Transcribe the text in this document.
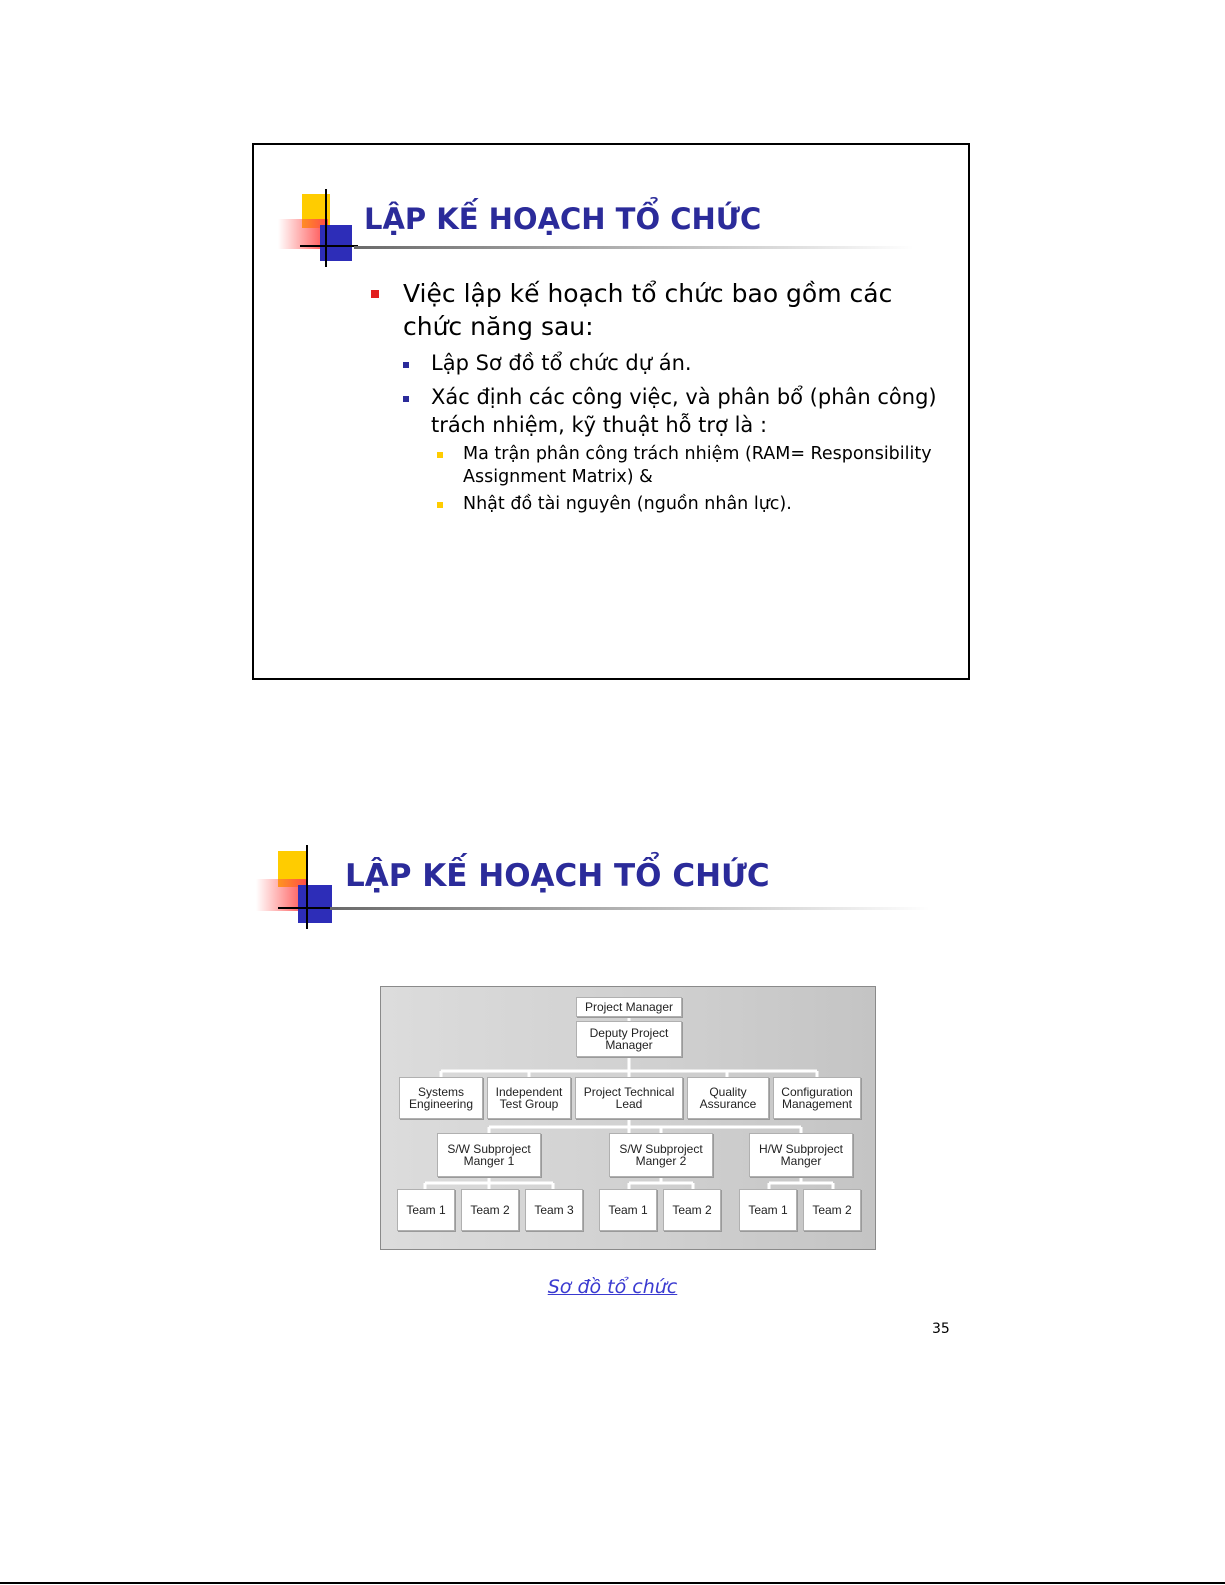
LẬP KẾ HOẠCH TỔ CHỨC
Việc lập kế hoạch tổ chức bao gồm các chức năng sau:
Lập Sơ đồ tổ chức dự án.
Xác định các công việc, và phân bổ (phân công) trách nhiệm, kỹ thuật hỗ trợ là :
Ma trận phân công trách nhiệm (RAM= Responsibility Assignment Matrix) &
Nhật đồ tài nguyên (nguồn nhân lực).
LẬP KẾ HOẠCH TỔ CHỨC
Project Manager
Deputy Project
Manager
Systems
Engineering
Independent
Test Group
Project Technical
Lead
Quality
Assurance
Configuration
Management
S/W Subproject
Manger 1
S/W Subproject
Manger 2
H/W Subproject
Manger
Team 1 Team 2 Team 3	Team 1 Team 2	Team 1 Team 2
Sơ đồ tổ chức
35
